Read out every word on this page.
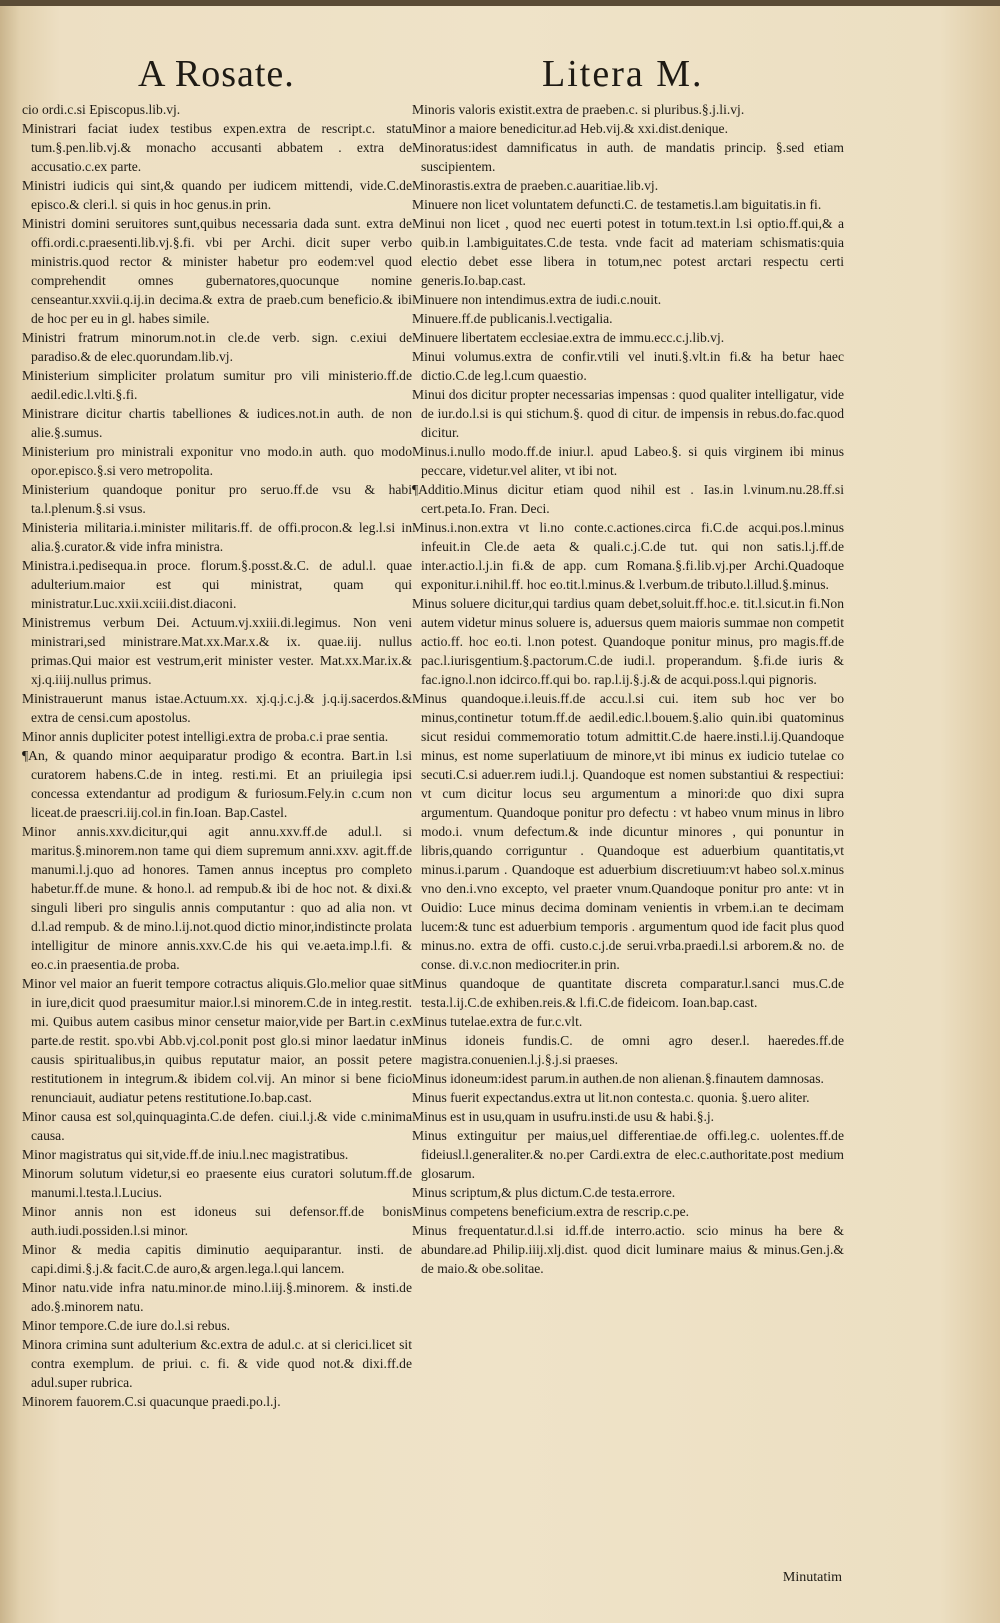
A Rosate.	Litera M.

cio ordi.c.si Episcopus.lib.vj.

Ministrari faciat iudex testibus expen.extra de rescript.c. statu tum.§.pen.lib.vj.& monacho accusanti abbatem . extra de accusatio.c.ex parte.

Ministri iudicis qui sint,& quando per iudicem mittendi, vide.C.de episco.& cleri.l. si quis in hoc genus.in prin.

Ministri domini seruitores sunt,quibus necessaria dada sunt. extra de offi.ordi.c.praesenti.lib.vj.§.fi. vbi per Archi. dicit super verbo ministris.quod rector & minister habetur pro eodem:vel quod comprehendit omnes gubernatores,quocunque nomine censeantur.xxvii.q.ij.in decima.& extra de praeb.cum beneficio.& ibi de hoc per eu in gl. habes simile.

Ministri fratrum minorum.not.in cle.de verb. sign. c.exiui de paradiso.& de elec.quorundam.lib.vj.

Ministerium simpliciter prolatum sumitur pro vili ministerio.ff.de aedil.edic.l.vlti.§.fi.

Ministrare dicitur chartis tabelliones & iudices.not.in auth. de non alie.§.sumus.

Ministerium pro ministrali exponitur vno modo.in auth. quo modo opor.episco.§.si vero metropolita.

Ministerium quandoque ponitur pro seruo.ff.de vsu & habi ta.l.plenum.§.si vsus.

Ministeria militaria.i.minister militaris.ff. de offi.procon.& leg.l.si in alia.§.curator.& vide infra ministra.

Ministra.i.pedisequa.in proce. florum.§.posst.&.C. de adul.l. quae adulterium.maior est qui ministrat, quam qui ministratur.Luc.xxii.xciii.dist.diaconi.

Ministremus verbum Dei. Actuum.vj.xxiii.di.legimus. Non veni ministrari,sed ministrare.Mat.xx.Mar.x.& ix. quae.iij. nullus primas.Qui maior est vestrum,erit minister vester. Mat.xx.Mar.ix.& xj.q.iiij.nullus primus.

Ministrauerunt manus istae.Actuum.xx. xj.q.j.c.j.& j.q.ij.sacerdos.& extra de censi.cum apostolus.

Minor annis dupliciter potest intelligi.extra de proba.c.i prae sentia.

¶An, & quando minor aequiparatur prodigo & econtra. Bart.in l.si curatorem habens.C.de in integ. resti.mi. Et an priuilegia ipsi concessa extendantur ad prodigum & furiosum.Fely.in c.cum non liceat.de praescri.iij.col.in fin.Ioan. Bap.Castel.

Minor annis.xxv.dicitur,qui agit annu.xxv.ff.de adul.l. si maritus.§.minorem.non tame qui diem supremum anni.xxv. agit.ff.de manumi.l.j.quo ad honores. Tamen annus inceptus pro completo habetur.ff.de mune. & hono.l. ad rempub.& ibi de hoc not. & dixi.& singuli liberi pro singulis annis computantur : quo ad alia non. vt d.l.ad rempub. & de mino.l.ij.not.quod dictio minor,indistincte prolata intelligitur de minore annis.xxv.C.de his qui ve.aeta.imp.l.fi. & eo.c.in praesentia.de proba.

Minor vel maior an fuerit tempore cotractus aliquis.Glo.melior quae sit in iure,dicit quod praesumitur maior.l.si minorem.C.de in integ.restit. mi. Quibus autem casibus minor censetur maior,vide per Bart.in c.ex parte.de restit. spo.vbi Abb.vj.col.ponit post glo.si minor laedatur in causis spiritualibus,in quibus reputatur maior, an possit petere restitutionem in integrum.& ibidem col.vij. An minor si bene ficio renunciauit, audiatur petens restitutione.Io.bap.cast.

Minor causa est sol,quinquaginta.C.de defen. ciui.l.j.& vide c.minima causa.

Minor magistratus qui sit,vide.ff.de iniu.l.nec magistratibus.

Minorum solutum videtur,si eo praesente eius curatori solutum.ff.de manumi.l.testa.l.Lucius.

Minor annis non est idoneus sui defensor.ff.de bonis auth.iudi.possiden.l.si minor.

Minor & media capitis diminutio aequiparantur. insti. de capi.dimi.§.j.& facit.C.de auro,& argen.lega.l.qui lancem.

Minor natu.vide infra natu.minor.de mino.l.iij.§.minorem. & insti.de ado.§.minorem natu.

Minor tempore.C.de iure do.l.si rebus.

Minora crimina sunt adulterium &c.extra de adul.c. at si clerici.licet sit contra exemplum. de priui. c. fi. & vide quod not.& dixi.ff.de adul.super rubrica.

Minorem fauorem.C.si quacunque praedi.po.l.j.

Minoris valoris existit.extra de praeben.c. si pluribus.§.j.li.vj.

Minor a maiore benedicitur.ad Heb.vij.& xxi.dist.denique.

Minoratus:idest damnificatus in auth. de mandatis princip. §.sed etiam suscipientem.

Minorastis.extra de praeben.c.auaritiae.lib.vj.

Minuere non licet voluntatem defuncti.C. de testametis.l.am biguitatis.in fi.

Minui non licet , quod nec euerti potest in totum.text.in l.si optio.ff.qui,& a quib.in l.ambiguitates.C.de testa. vnde facit ad materiam schismatis:quia electio debet esse libera in totum,nec potest arctari respectu certi generis.Io.bap.cast.

Minuere non intendimus.extra de iudi.c.nouit.

Minuere.ff.de publicanis.l.vectigalia.

Minuere libertatem ecclesiae.extra de immu.ecc.c.j.lib.vj.

Minui volumus.extra de confir.vtili vel inuti.§.vlt.in fi.& ha betur haec dictio.C.de leg.l.cum quaestio.

Minui dos dicitur propter necessarias impensas : quod qualiter intelligatur, vide de iur.do.l.si is qui stichum.§. quod di citur. de impensis in rebus.do.fac.quod dicitur.

Minus.i.nullo modo.ff.de iniur.l. apud Labeo.§. si quis virginem ibi minus peccare, videtur.vel aliter, vt ibi not.

¶Additio.Minus dicitur etiam quod nihil est . Ias.in l.vinum.nu.28.ff.si cert.peta.Io. Fran. Deci.

Minus.i.non.extra vt li.no conte.c.actiones.circa fi.C.de acqui.pos.l.minus infeuit.in Cle.de aeta & quali.c.j.C.de tut. qui non satis.l.j.ff.de inter.actio.l.j.in fi.& de app. cum Romana.§.fi.lib.vj.per Archi.Quadoque exponitur.i.nihil.ff. hoc eo.tit.l.minus.& l.verbum.de tributo.l.illud.§.minus.

Minus soluere dicitur,qui tardius quam debet,soluit.ff.hoc.e. tit.l.sicut.in fi.Non autem videtur minus soluere is, aduersus quem maioris summae non competit actio.ff. hoc eo.ti. l.non potest. Quandoque ponitur minus, pro magis.ff.de pac.l.iurisgentium.§.pactorum.C.de iudi.l. properandum. §.fi.de iuris & fac.igno.l.non idcirco.ff.qui bo. rap.l.ij.§.j.& de acqui.poss.l.qui pignoris.

Minus quandoque.i.leuis.ff.de accu.l.si cui. item sub hoc ver bo minus,continetur totum.ff.de aedil.edic.l.bouem.§.alio quin.ibi quatominus sicut residui commemoratio totum admittit.C.de haere.insti.l.ij.Quandoque minus, est nome superlatiuum de minore,vt ibi minus ex iudicio tutelae co secuti.C.si aduer.rem iudi.l.j. Quandoque est nomen substantiui & respectiui: vt cum dicitur locus seu argumentum a minori:de quo dixi supra argumentum. Quandoque ponitur pro defectu : vt habeo vnum minus in libro modo.i. vnum defectum.& inde dicuntur minores , qui ponuntur in libris,quando corriguntur . Quandoque est aduerbium quantitatis,vt minus.i.parum . Quandoque est aduerbium discretiuum:vt habeo sol.x.minus vno den.i.vno excepto, vel praeter vnum.Quandoque ponitur pro ante: vt in Ouidio: Luce minus decima dominam venientis in vrbem.i.an te decimam lucem:& tunc est aduerbium temporis . argumentum quod ide facit plus quod minus.no. extra de offi. custo.c.j.de serui.vrba.praedi.l.si arborem.& no. de conse. di.v.c.non mediocriter.in prin.

Minus quandoque de quantitate discreta comparatur.l.sanci mus.C.de testa.l.ij.C.de exhiben.reis.& l.fi.C.de fideicom. Ioan.bap.cast.

Minus tutelae.extra de fur.c.vlt.

Minus idoneis fundis.C. de omni agro deser.l. haeredes.ff.de magistra.conuenien.l.j.§.j.si praeses.

Minus idoneum:idest parum.in authen.de non alienan.§.finautem damnosas.

Minus fuerit expectandus.extra ut lit.non contesta.c. quonia. §.uero aliter.

Minus est in usu,quam in usufru.insti.de usu & habi.§.j.

Minus extinguitur per maius,uel differentiae.de offi.leg.c. uolentes.ff.de fideiusl.l.generaliter.& no.per Cardi.extra de elec.c.authoritate.post medium glosarum.

Minus scriptum,& plus dictum.C.de testa.errore.

Minus competens beneficium.extra de rescrip.c.pe.

Minus frequentatur.d.l.si id.ff.de interro.actio. scio minus ha bere & abundare.ad Philip.iiij.xlj.dist. quod dicit luminare maius & minus.Gen.j.& de maio.& obe.solitae.

Minutatim
